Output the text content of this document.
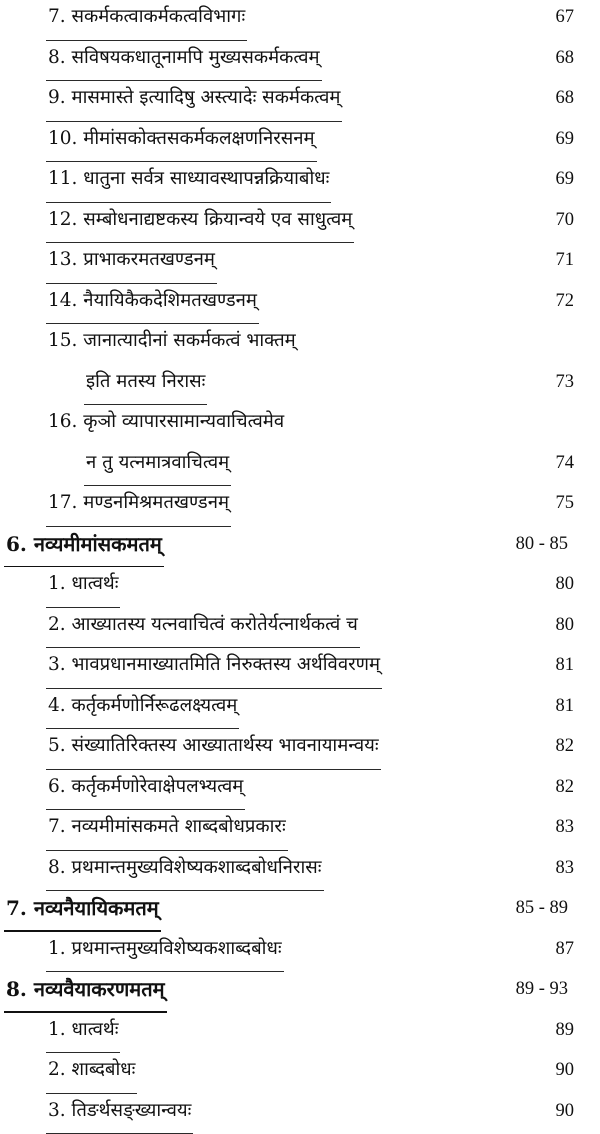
7. सकर्मकत्वाकर्मकत्वविभागः	67
8. सविषयकधातूनामपि मुख्यसकर्मकत्वम्	68
9. मासमास्ते इत्यादिषु अस्त्यादेः सकर्मकत्वम्	68
10. मीमांसकोक्तसकर्मकलक्षणनिरसनम्	69
11. धातुना सर्वत्र साध्यावस्थापन्नक्रियाबोधः	69
12. सम्बोधनाद्यष्टकस्य क्रियान्वये एव साधुत्वम्	70
13. प्राभाकरमतखण्डनम्	71
14. नैयायिकैकदेशिमतखण्डनम्	72
15. जानात्यादीनां सकर्मकत्वं भाक्तम्
इति मतस्य निरासः	73
16. कृञो व्यापारसामान्यवाचित्वमेव
न तु यत्नमात्रवाचित्वम्	74
17. मण्डनमिश्रमतखण्डनम्	75
6. नव्यमीमांसकमतम्	80 - 85
1. धात्वर्थः	80
2. आख्यातस्य यत्नवाचित्वं करोतेर्यत्नार्थकत्वं च	80
3. भावप्रधानमाख्यातमिति निरुक्तस्य अर्थविवरणम्	81
4. कर्तृकर्मणोर्निरूढलक्ष्यत्वम्	81
5. संख्यातिरिक्तस्य आख्यातार्थस्य भावनायामन्वयः	82
6. कर्तृकर्मणोरेवाक्षेपलभ्यत्वम्	82
7. नव्यमीमांसकमते शाब्दबोधप्रकारः	83
8. प्रथमान्तमुख्यविशेष्यकशाब्दबोधनिरासः	83
7. नव्यनैयायिकमतम्	85 - 89
1. प्रथमान्तमुख्यविशेष्यकशाब्दबोधः	87
8. नव्यवैयाकरणमतम्	89 - 93
1. धात्वर्थः	89
2. शाब्दबोधः	90
3. तिङर्थसङ्ख्यान्वयः	90
